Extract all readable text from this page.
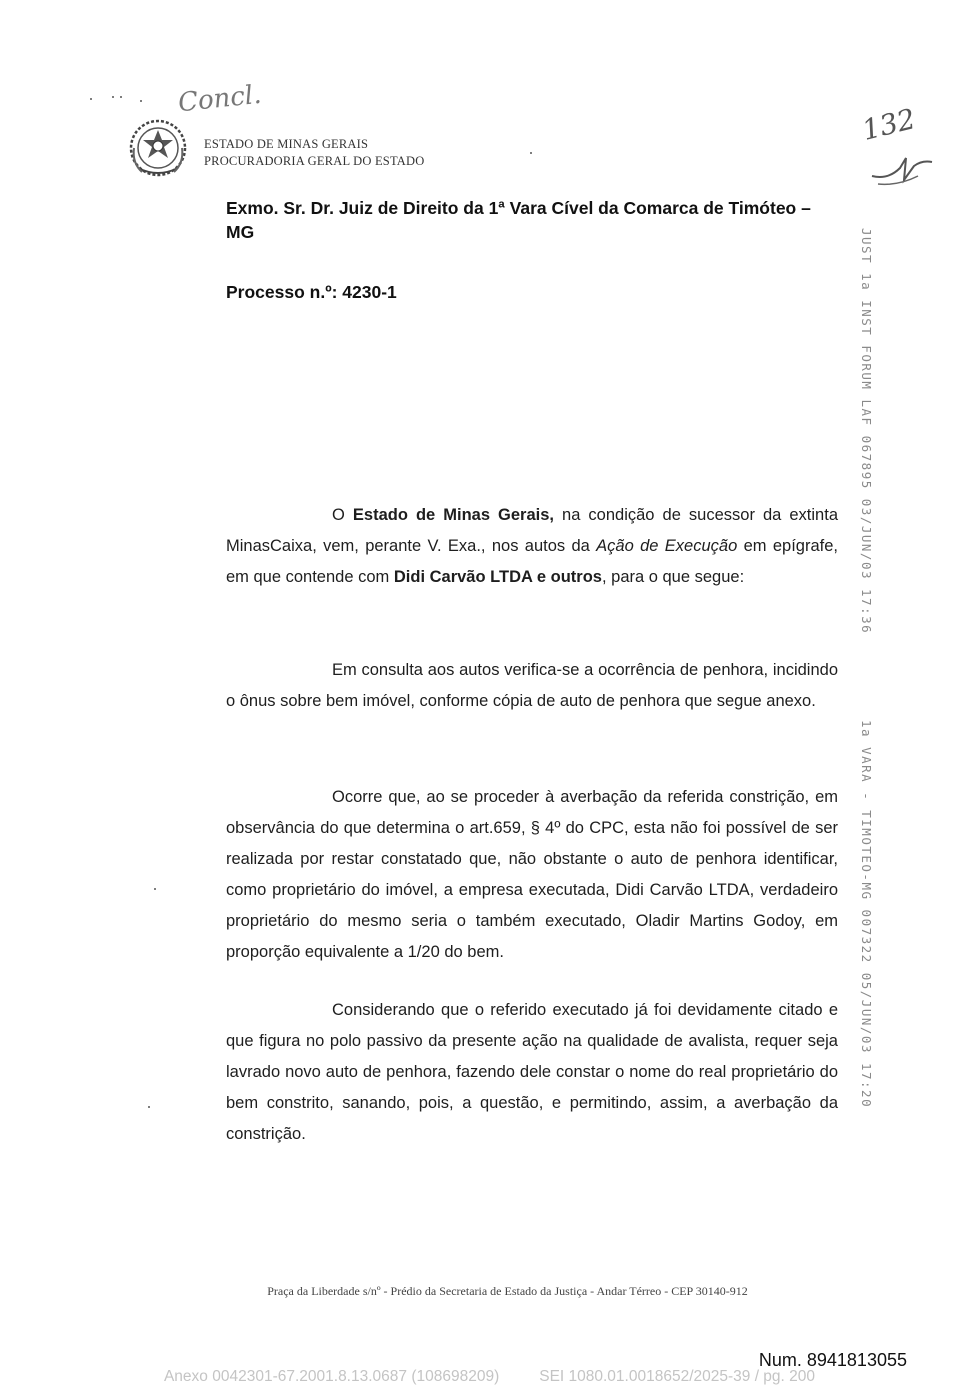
Concl.
ESTADO DE MINAS GERAIS
PROCURADORIA GERAL DO ESTADO
132
Exmo. Sr. Dr. Juiz de Direito da 1ª Vara Cível da Comarca de Timóteo –
MG
Processo n.º: 4230-1
O Estado de Minas Gerais, na condição de sucessor da extinta MinasCaixa, vem, perante V. Exa., nos autos da Ação de Execução em epígrafe, em que contende com Didi Carvão LTDA e outros, para o que segue:
Em consulta aos autos verifica-se a ocorrência de penhora, incidindo o ônus sobre bem imóvel, conforme cópia de auto de penhora que segue anexo.
Ocorre que, ao se proceder à averbação da referida constrição, em observância do que determina o art.659, § 4º do CPC, esta não foi possível de ser realizada por restar constatado que, não obstante o auto de penhora identificar, como proprietário do imóvel, a empresa executada, Didi Carvão LTDA, verdadeiro proprietário do mesmo seria o também executado, Oladir Martins Godoy, em proporção equivalente a 1/20 do bem.
Considerando que o referido executado já foi devidamente citado e que figura no polo passivo da presente ação na qualidade de avalista, requer seja lavrado novo auto de penhora, fazendo dele constar o nome do real proprietário do bem constrito, sanando, pois, a questão, e permitindo, assim, a averbação da constrição.
JUST 1a INST FORUM LAF 067895 03/JUN/03 17:36
1a VARA - TIMOTEO-MG 007322 05/JUN/03 17:20
Praça da Liberdade s/nº - Prédio da Secretaria de Estado da Justiça - Andar Térreo - CEP 30140-912
Num. 8941813055
Anexo 0042301-67.2001.8.13.0687 (108698209)	SEI 1080.01.0018652/2025-39 / pg. 200
